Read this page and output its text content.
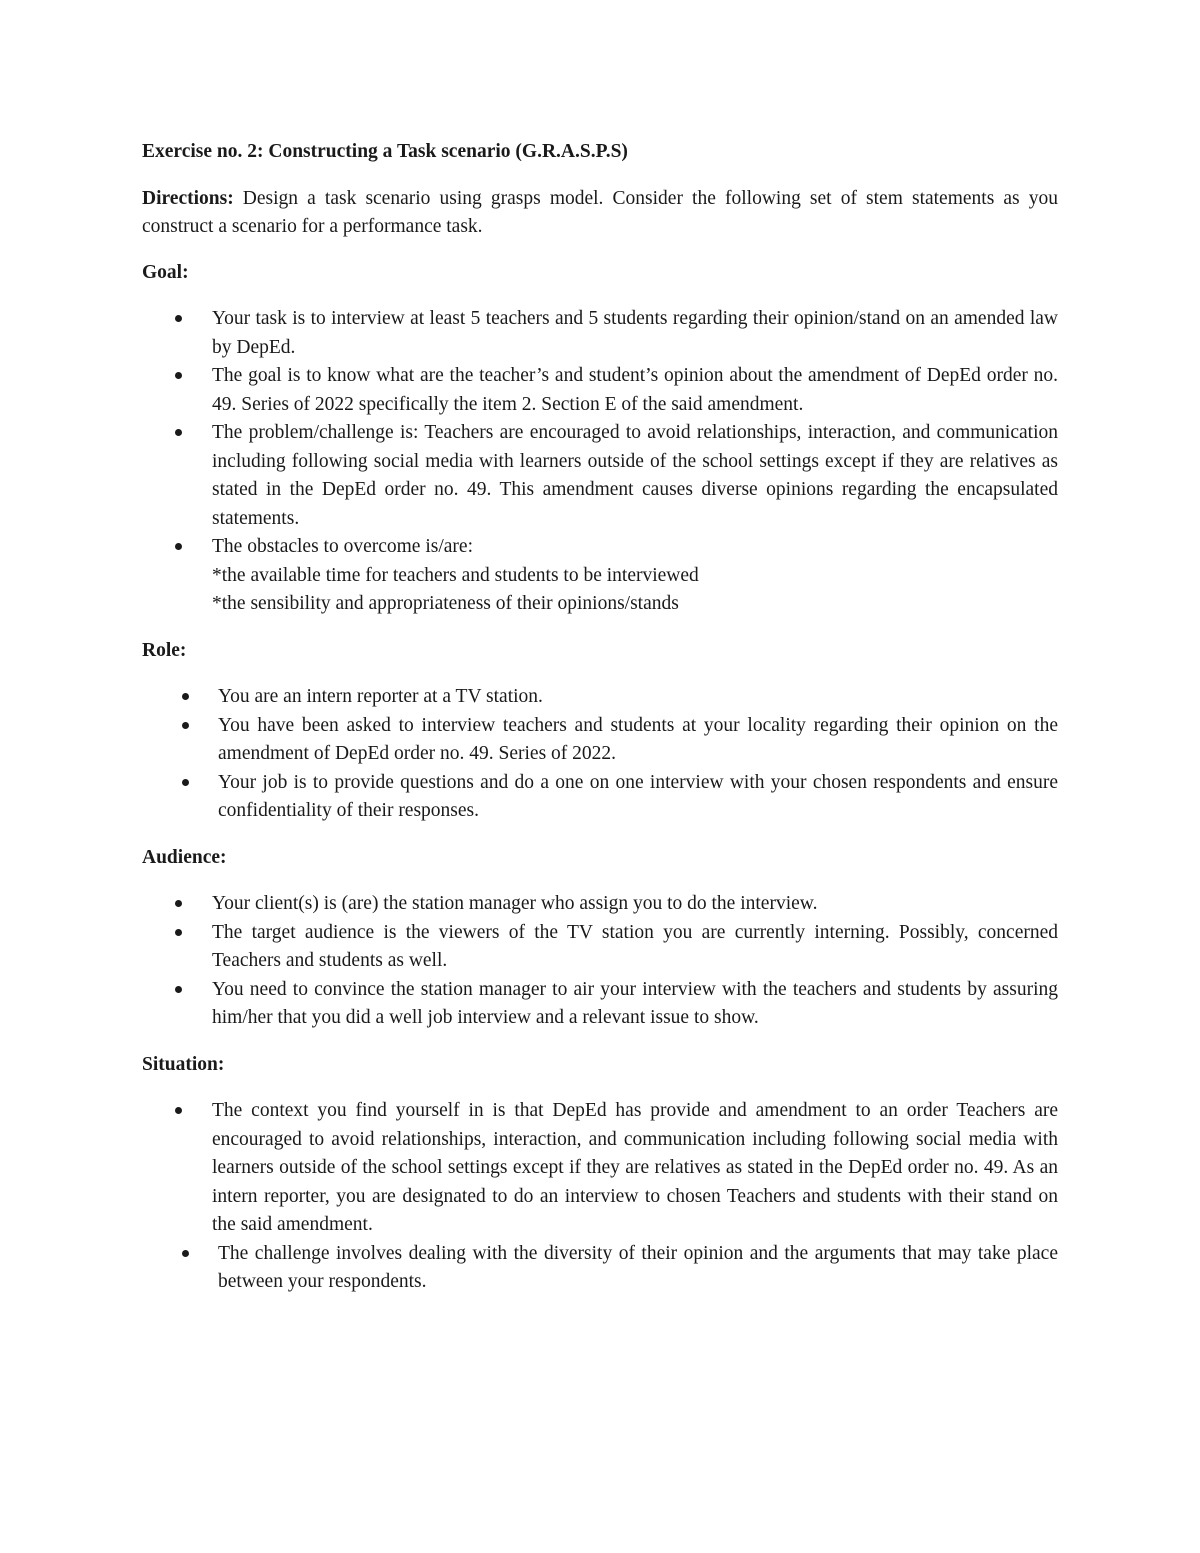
Exercise no. 2: Constructing a Task scenario (G.R.A.S.P.S)

Directions: Design a task scenario using grasps model. Consider the following set of stem statements as you construct a scenario for a performance task.

Goal:

Your task is to interview at least 5 teachers and 5 students regarding their opinion/stand on an amended law by DepEd.
The goal is to know what are the teacher’s and student’s opinion about the amendment of DepEd order no. 49. Series of 2022 specifically the item 2. Section E of the said amendment.
The problem/challenge is: Teachers are encouraged to avoid relationships, interaction, and communication including following social media with learners outside of the school settings except if they are relatives as stated in the DepEd order no. 49. This amendment causes diverse opinions regarding the encapsulated statements.
The obstacles to overcome is/are:
*the available time for teachers and students to be interviewed
*the sensibility and appropriateness of their opinions/stands

Role:

You are an intern reporter at a TV station.
You have been asked to interview teachers and students at your locality regarding their opinion on the amendment of DepEd order no. 49. Series of 2022.
Your job is to provide questions and do a one on one interview with your chosen respondents and ensure confidentiality of their responses.

Audience:

Your client(s) is (are) the station manager who assign you to do the interview.
The target audience is the viewers of the TV station you are currently interning. Possibly, concerned Teachers and students as well.
You need to convince the station manager to air your interview with the teachers and students by assuring him/her that you did a well job interview and a relevant issue to show.

Situation:

The context you find yourself in is that DepEd has provide and amendment to an order Teachers are encouraged to avoid relationships, interaction, and communication including following social media with learners outside of the school settings except if they are relatives as stated in the DepEd order no. 49. As an intern reporter, you are designated to do an interview to chosen Teachers and students with their stand on the said amendment.
The challenge involves dealing with the diversity of their opinion and the arguments that may take place between your respondents.
